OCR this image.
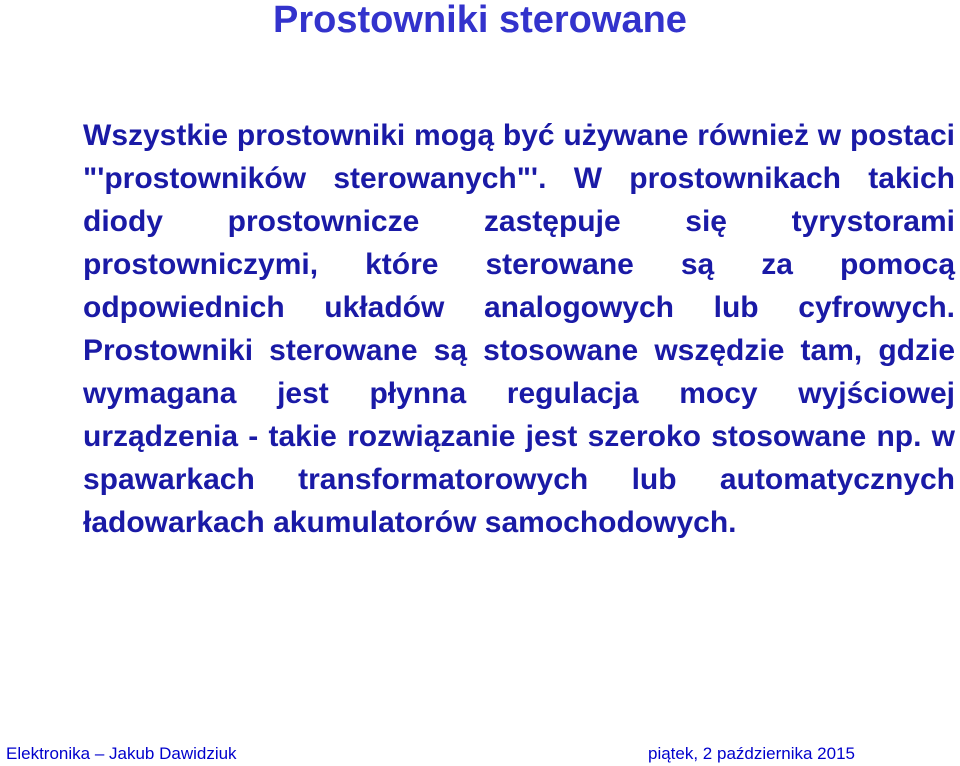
Prostowniki sterowane

Wszystkie prostowniki mogą być używane również w postaci "'prostowników sterowanych"'. W prostownikach takich diody prostownicze zastępuje się tyrystorami prostowniczymi, które sterowane są za pomocą odpowiednich układów analogowych lub cyfrowych. Prostowniki sterowane są stosowane wszędzie tam, gdzie wymagana jest płynna regulacja mocy wyjściowej urządzenia - takie rozwiązanie jest szeroko stosowane np. w spawarkach transformatorowych lub automatycznych ładowarkach akumulatorów samochodowych.

Elektronika – Jakub Dawidziuk	piątek, 2 października 2015
